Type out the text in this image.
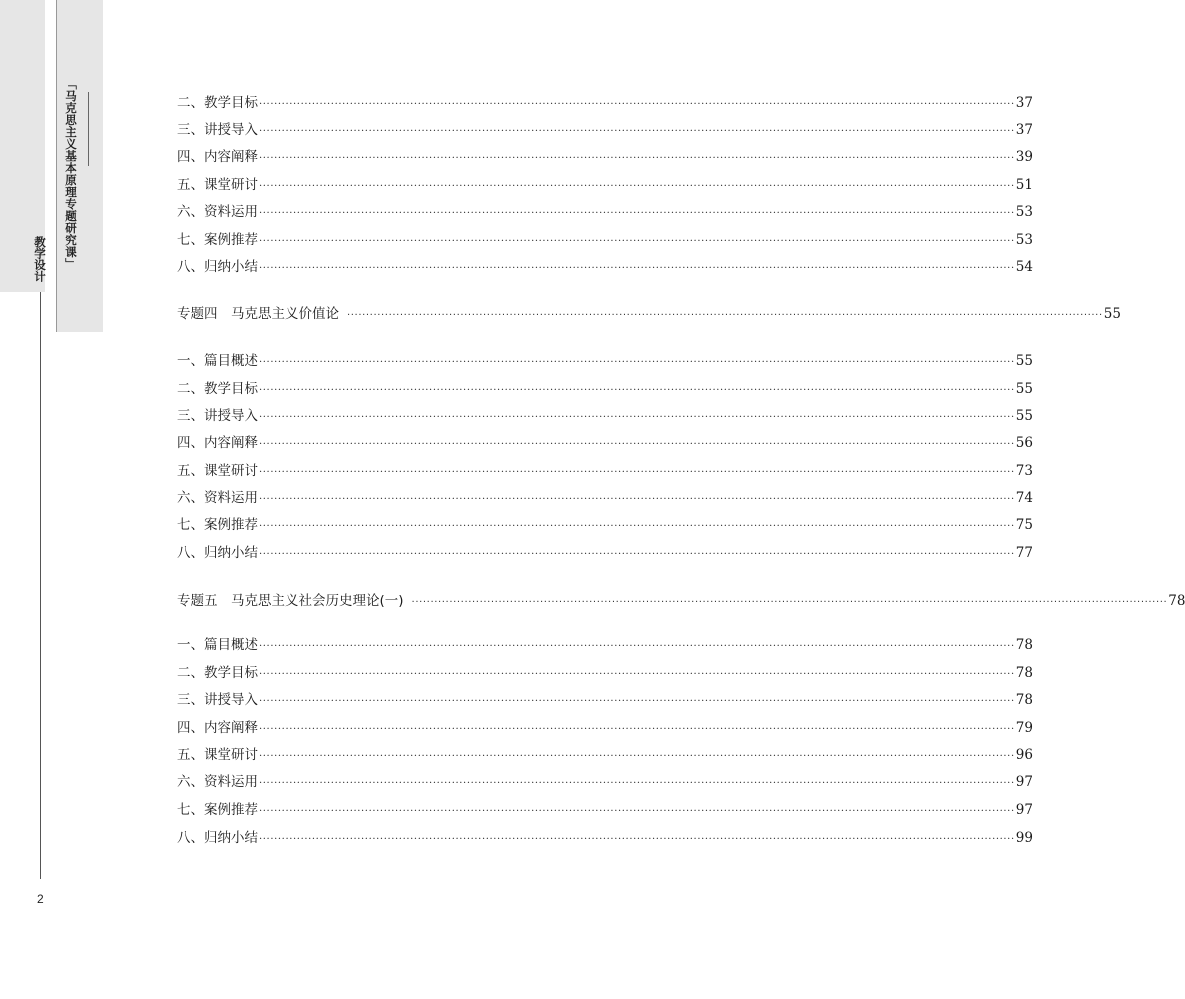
「马克思主义基本原理专题研究课」
教学设计
二、教学目标 ········································································································································································································ 37
三、讲授导入 ········································································································································································································ 37
四、内容阐释 ········································································································································································································ 39
五、课堂研讨 ········································································································································································································ 51
六、资料运用 ········································································································································································································ 53
七、案例推荐 ········································································································································································································ 53
八、归纳小结 ········································································································································································································ 54
专题四　马克思主义价值论 ········································································································································································································ 55
一、篇目概述 ········································································································································································································ 55
二、教学目标 ········································································································································································································ 55
三、讲授导入 ········································································································································································································ 55
四、内容阐释 ········································································································································································································ 56
五、课堂研讨 ········································································································································································································ 73
六、资料运用 ········································································································································································································ 74
七、案例推荐 ········································································································································································································ 75
八、归纳小结 ········································································································································································································ 77
专题五　马克思主义社会历史理论(一) ········································································································································································································ 78
一、篇目概述 ········································································································································································································ 78
二、教学目标 ········································································································································································································ 78
三、讲授导入 ········································································································································································································ 78
四、内容阐释 ········································································································································································································ 79
五、课堂研讨 ········································································································································································································ 96
六、资料运用 ········································································································································································································ 97
七、案例推荐 ········································································································································································································ 97
八、归纳小结 ········································································································································································································ 99
2
